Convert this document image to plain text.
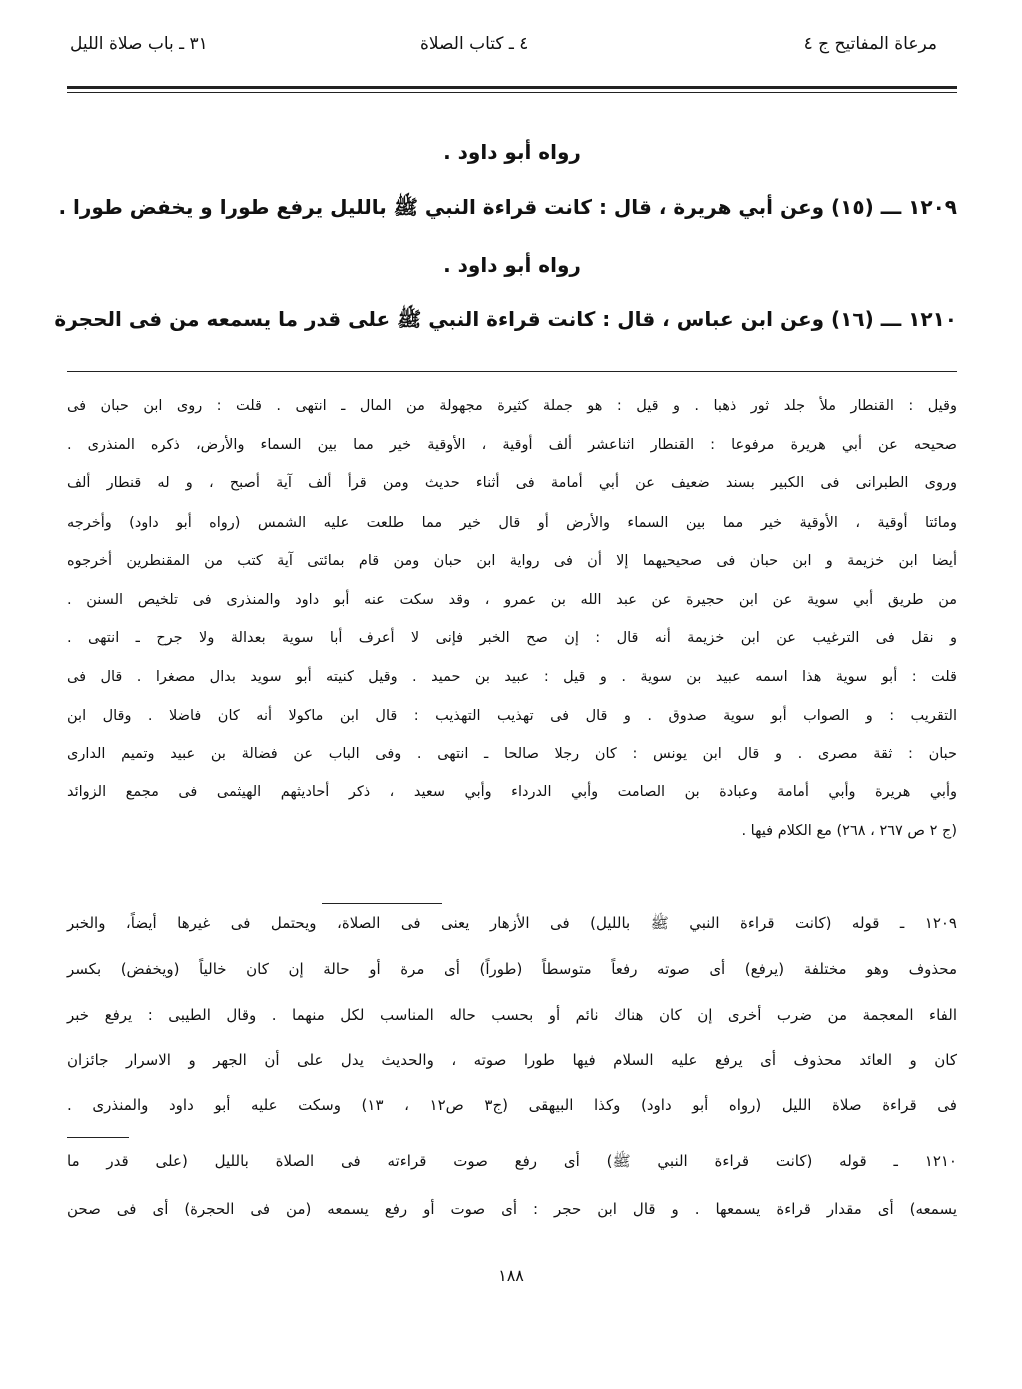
مرعاة المفاتيح ج ٤
٤ ـ كتاب الصلاة
٣١ ـ باب صلاة الليل
رواه أبو داود .
١٢٠٩ ـــ (١٥) وعن أبي هريرة ، قال : كانت قراءة النبي ﷺ بالليل يرفع طورا و يخفض طورا .
رواه أبو داود .
١٢١٠ ـــ (١٦) وعن ابن عباس ، قال : كانت قراءة النبي ﷺ على قدر ما يسمعه من فى الحجرة
وقيل : القنطار ملأ جلد ثور ذهبا . و قيل : هو جملة كثيرة مجهولة من المال ـ انتهى . قلت : روى ابن حبان فى
صحيحه عن أبي هريرة مرفوعا : القنطار اثناعشر ألف أوقية ، الأوقية خير مما بين السماء والأرض، ذكره المنذرى .
وروى الطبرانى فى الكبير بسند ضعيف عن أبي أمامة فى أثناء حديث ومن قرأ ألف آية أصبح ، و له قنطار ألف
ومائتا أوقية ، الأوقية خير مما بين السماء والأرض أو قال خير مما طلعت عليه الشمس (رواه أبو داود) وأخرجه
أيضا ابن خزيمة و ابن حبان فى صحيحيهما إلا أن فى رواية ابن حبان ومن قام بمائتى آية كتب من المقنطرين أخرجوه
من طريق أبي سوية عن ابن حجيرة عن عبد الله بن عمرو ، وقد سكت عنه أبو داود والمنذرى فى تلخيص السنن .
و نقل فى الترغيب عن ابن خزيمة أنه قال : إن صح الخبر فإنى لا أعرف أبا سوية بعدالة ولا جرح ـ انتهى .
قلت : أبو سوية هذا اسمه عبيد بن سوية . و قيل : عبيد بن حميد . وقيل كنيته أبو سويد بدال مصغرا . قال فى
التقريب : و الصواب أبو سوية صدوق . و قال فى تهذيب التهذيب : قال ابن ماكولا أنه كان فاضلا . وقال ابن
حبان : ثقة مصرى . و قال ابن يونس : كان رجلا صالحا ـ انتهى . وفى الباب عن فضالة بن عبيد وتميم الدارى
وأبي هريرة وأبي أمامة وعبادة بن الصامت وأبي الدرداء وأبي سعيد ، ذكر أحاديثهم الهيثمى فى مجمع الزوائد
(ج ٢ ص ٢٦٧ ، ٢٦٨) مع الكلام فيها .
١٢٠٩ ـ قوله (كانت قراءة النبي ﷺ بالليل) فى الأزهار يعنى فى الصلاة، ويحتمل فى غيرها أيضاً، والخبر
محذوف وهو مختلفة (يرفع) أى صوته رفعاً متوسطاً (طوراً) أى مرة أو حالة إن كان خالياً (ويخفض) بكسر
الفاء المعجمة من ضرب أخرى إن كان هناك نائم أو بحسب حاله المناسب لكل منهما . وقال الطيبى : يرفع خبر
كان و العائد محذوف أى يرفع عليه السلام فيها طورا صوته ، والحديث يدل على أن الجهر و الاسرار جائزان
فى قراءة صلاة الليل (رواه أبو داود) وكذا البيهقى (ج٣ ص١٢ ، ١٣) وسكت عليه أبو داود والمنذرى .
١٢١٠ ـ قوله (كانت قراءة النبي ﷺ) أى رفع صوت قراءته فى الصلاة بالليل (على قدر ما
يسمعه) أى مقدار قراءة يسمعها . و قال ابن حجر : أى صوت أو رفع يسمعه (من فى الحجرة) أى فى صحن
١٨٨
